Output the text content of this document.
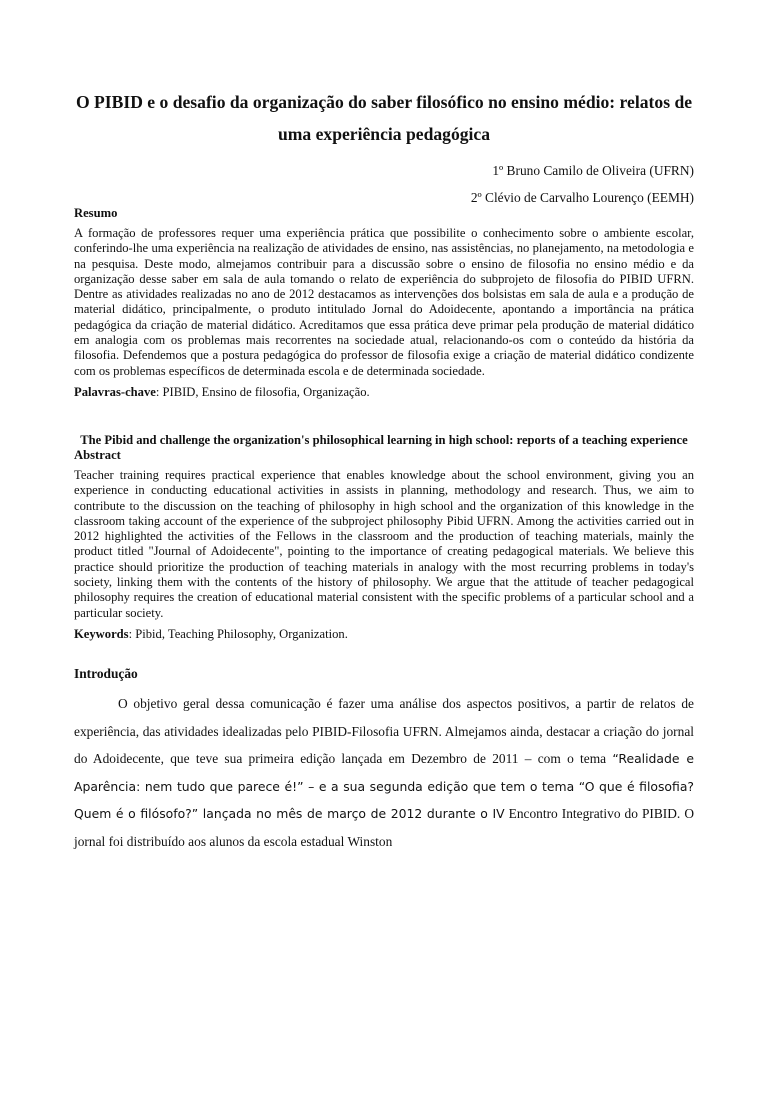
O PIBID e o desafio da organização do saber filosófico no ensino médio: relatos de uma experiência pedagógica

1º Bruno Camilo de Oliveira (UFRN)

2º Clévio de Carvalho Lourenço (EEMH)

Resumo

A formação de professores requer uma experiência prática que possibilite o conhecimento sobre o ambiente escolar, conferindo-lhe uma experiência na realização de atividades de ensino, nas assistências, no planejamento, na metodologia e na pesquisa. Deste modo, almejamos contribuir para a discussão sobre o ensino de filosofia no ensino médio e da organização desse saber em sala de aula tomando o relato de experiência do subprojeto de filosofia do PIBID UFRN. Dentre as atividades realizadas no ano de 2012 destacamos as intervenções dos bolsistas em sala de aula e a produção de material didático, principalmente, o produto intitulado Jornal do Adoidecente, apontando a importância na prática pedagógica da criação de material didático. Acreditamos que essa prática deve primar pela produção de material didático em analogia com os problemas mais recorrentes na sociedade atual, relacionando-os com o conteúdo da história da filosofia. Defendemos que a postura pedagógica do professor de filosofia exige a criação de material didático condizente com os problemas específicos de determinada escola e de determinada sociedade.

Palavras-chave: PIBID, Ensino de filosofia, Organização.

The Pibid and challenge the organization's philosophical learning in high school: reports of a teaching experience
Abstract

Teacher training requires practical experience that enables knowledge about the school environment, giving you an experience in conducting educational activities in assists in planning, methodology and research. Thus, we aim to contribute to the discussion on the teaching of philosophy in high school and the organization of this knowledge in the classroom taking account of the experience of the subproject philosophy Pibid UFRN. Among the activities carried out in 2012 highlighted the activities of the Fellows in the classroom and the production of teaching materials, mainly the product titled "Journal of Adoidecente", pointing to the importance of creating pedagogical materials. We believe this practice should prioritize the production of teaching materials in analogy with the most recurring problems in today's society, linking them with the contents of the history of philosophy. We argue that the attitude of teacher pedagogical philosophy requires the creation of educational material consistent with the specific problems of a particular school and a particular society.

Keywords: Pibid, Teaching Philosophy, Organization.

Introdução

O objetivo geral dessa comunicação é fazer uma análise dos aspectos positivos, a partir de relatos de experiência, das atividades idealizadas pelo PIBID-Filosofia UFRN. Almejamos ainda, destacar a criação do jornal do Adoidecente, que teve sua primeira edição lançada em Dezembro de 2011 – com o tema “Realidade e Aparência: nem tudo que parece é!” – e a sua segunda edição que tem o tema “O que é filosofia? Quem é o filósofo?” lançada no mês de março de 2012 durante o IV Encontro Integrativo do PIBID. O jornal foi distribuído aos alunos da escola estadual Winston
